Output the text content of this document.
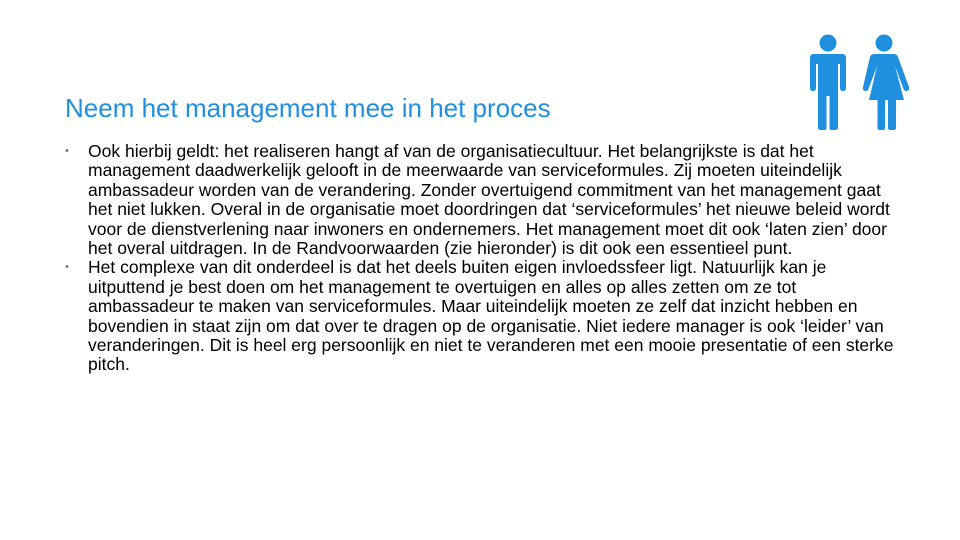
Neem het management mee in het proces
• Ook hierbij geldt: het realiseren hangt af van de organisatiecultuur. Het belangrijkste is dat het management daadwerkelijk gelooft in de meerwaarde van serviceformules. Zij moeten uiteindelijk ambassadeur worden van de verandering. Zonder overtuigend commitment van het management gaat het niet lukken. Overal in de organisatie moet doordringen dat ‘serviceformules’ het nieuwe beleid wordt voor de dienstverlening naar inwoners en ondernemers. Het management moet dit ook ‘laten zien’ door het overal uitdragen. In de Randvoorwaarden (zie hieronder) is dit ook een essentieel punt.
• Het complexe van dit onderdeel is dat het deels buiten eigen invloedssfeer ligt. Natuurlijk kan je uitputtend je best doen om het management te overtuigen en alles op alles zetten om ze tot ambassadeur te maken van serviceformules. Maar uiteindelijk moeten ze zelf dat inzicht hebben en bovendien in staat zijn om dat over te dragen op de organisatie. Niet iedere manager is ook ‘leider’ van veranderingen. Dit is heel erg persoonlijk en niet te veranderen met een mooie presentatie of een sterke pitch.
